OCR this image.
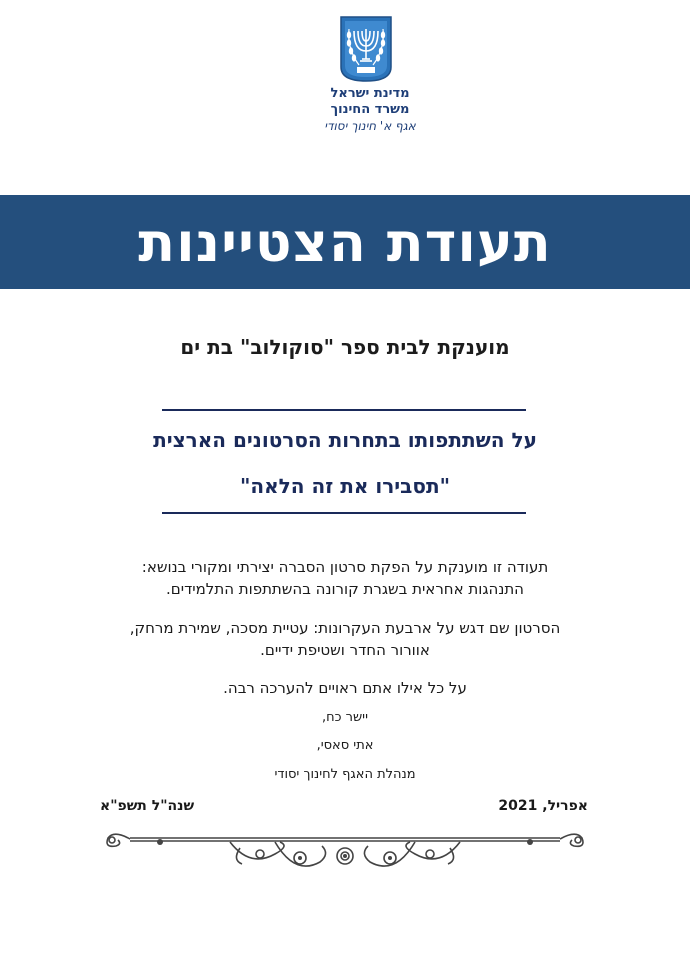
מדינת ישראל
משרד החינוך
אגף א' חינוך יסודי
תעודת הצטיינות
מוענקת לבית ספר "סוקולוב" בת ים
על השתתפותו בתחרות הסרטונים הארצית
"תסבירו את זה הלאה"
תעודה זו מוענקת על הפקת סרטון הסברה יצירתי ומקורי בנושא:
התנהגות אחראית בשגרת קורונה בהשתתפות התלמידים.
הסרטון שם דגש על ארבעת העקרונות: עטיית מסכה, שמירת מרחק,
אוורור החדר ושטיפת ידיים.
על כל אילו אתם ראויים להערכה רבה.
יישר כח,
אתי סאסי,
מנהלת האגף לחינוך יסודי
אפריל, 2021
שנה"ל תשפ"א
